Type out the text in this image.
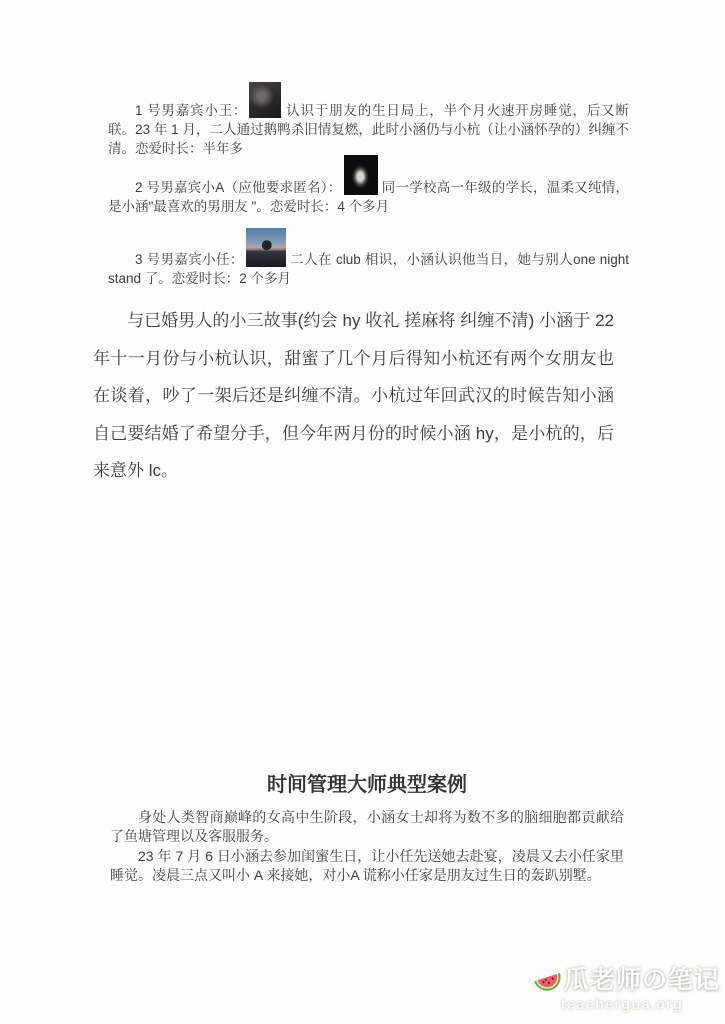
1 号男嘉宾小王：	认识于朋友的生日局上，半个月火速开房睡觉，后又断联。23 年 1 月，二人通过鹅鸭杀旧情复燃，此时小涵仍与小杭（让小涵怀孕的）纠缠不清。恋爱时长：半年多

2 号男嘉宾小A（应他要求匿名）：	同一学校高一年级的学长，温柔又纯情，是小涵"最喜欢的男朋友 "。恋爱时长：4 个多月

3 号男嘉宾小任：	二人在 club 相识，小涵认识他当日，她与别人one night stand 了。恋爱时长：2 个多月

与已婚男人的小三故事(约会 hy 收礼 搓麻将 纠缠不清) 小涵于 22 年十一月份与小杭认识，甜蜜了几个月后得知小杭还有两个女朋友也在谈着，吵了一架后还是纠缠不清。小杭过年回武汉的时候告知小涵自己要结婚了希望分手，但今年两月份的时候小涵 hy，是小杭的，后来意外 lc。

时间管理大师典型案例

身处人类智商巅峰的女高中生阶段，小涵女士却将为数不多的脑细胞都贡献给了鱼塘管理以及客服服务。

23 年 7 月 6 日小涵去参加闺蜜生日，让小任先送她去赴宴，凌晨又去小任家里睡觉。凌晨三点又叫小 A 来接她，对小A 谎称小任家是朋友过生日的轰趴别墅。

瓜老师の笔记
teachergua.org
